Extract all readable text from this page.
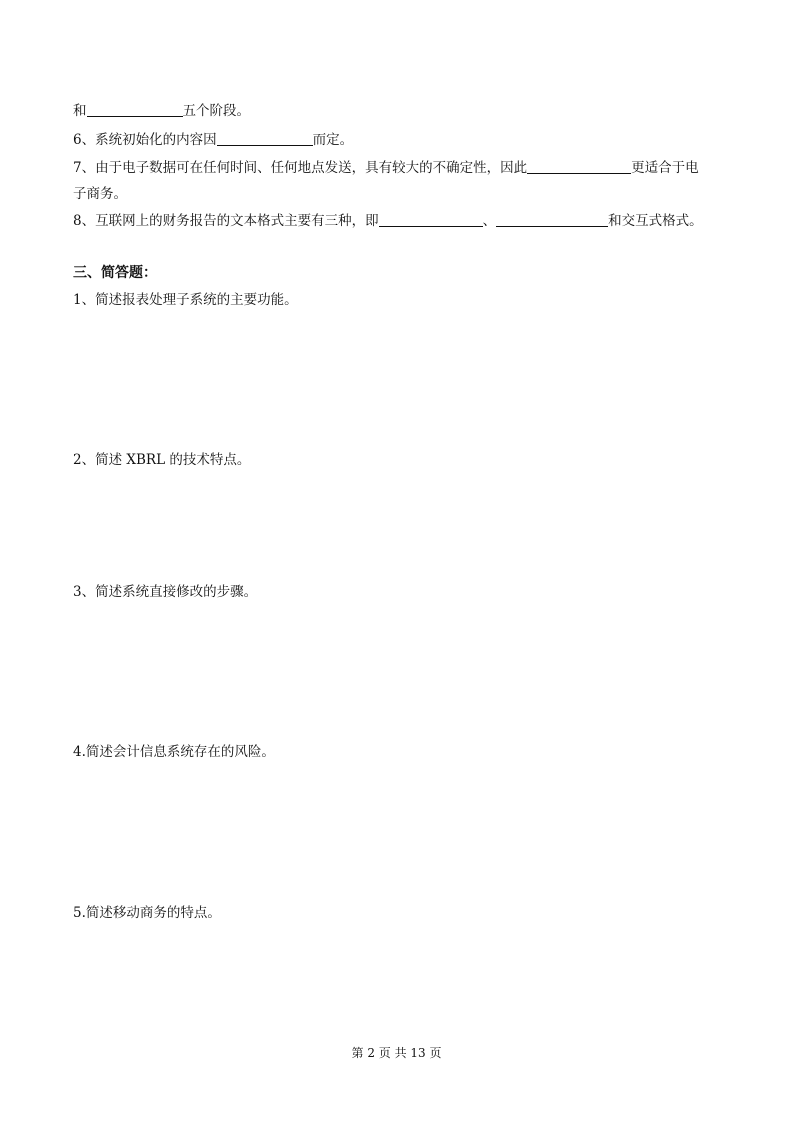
和	五个阶段。
6、系统初始化的内容因	而定。
7、由于电子数据可在任何时间、任何地点发送，具有较大的不确定性，因此	更适合于电
子商务。
8、互联网上的财务报告的文本格式主要有三种，即	、	和交互式格式。
三、简答题：
1、简述报表处理子系统的主要功能。
2、简述 XBRL 的技术特点。
3、简述系统直接修改的步骤。
4.简述会计信息系统存在的风险。
5.简述移动商务的特点。
第 2 页 共 13 页
